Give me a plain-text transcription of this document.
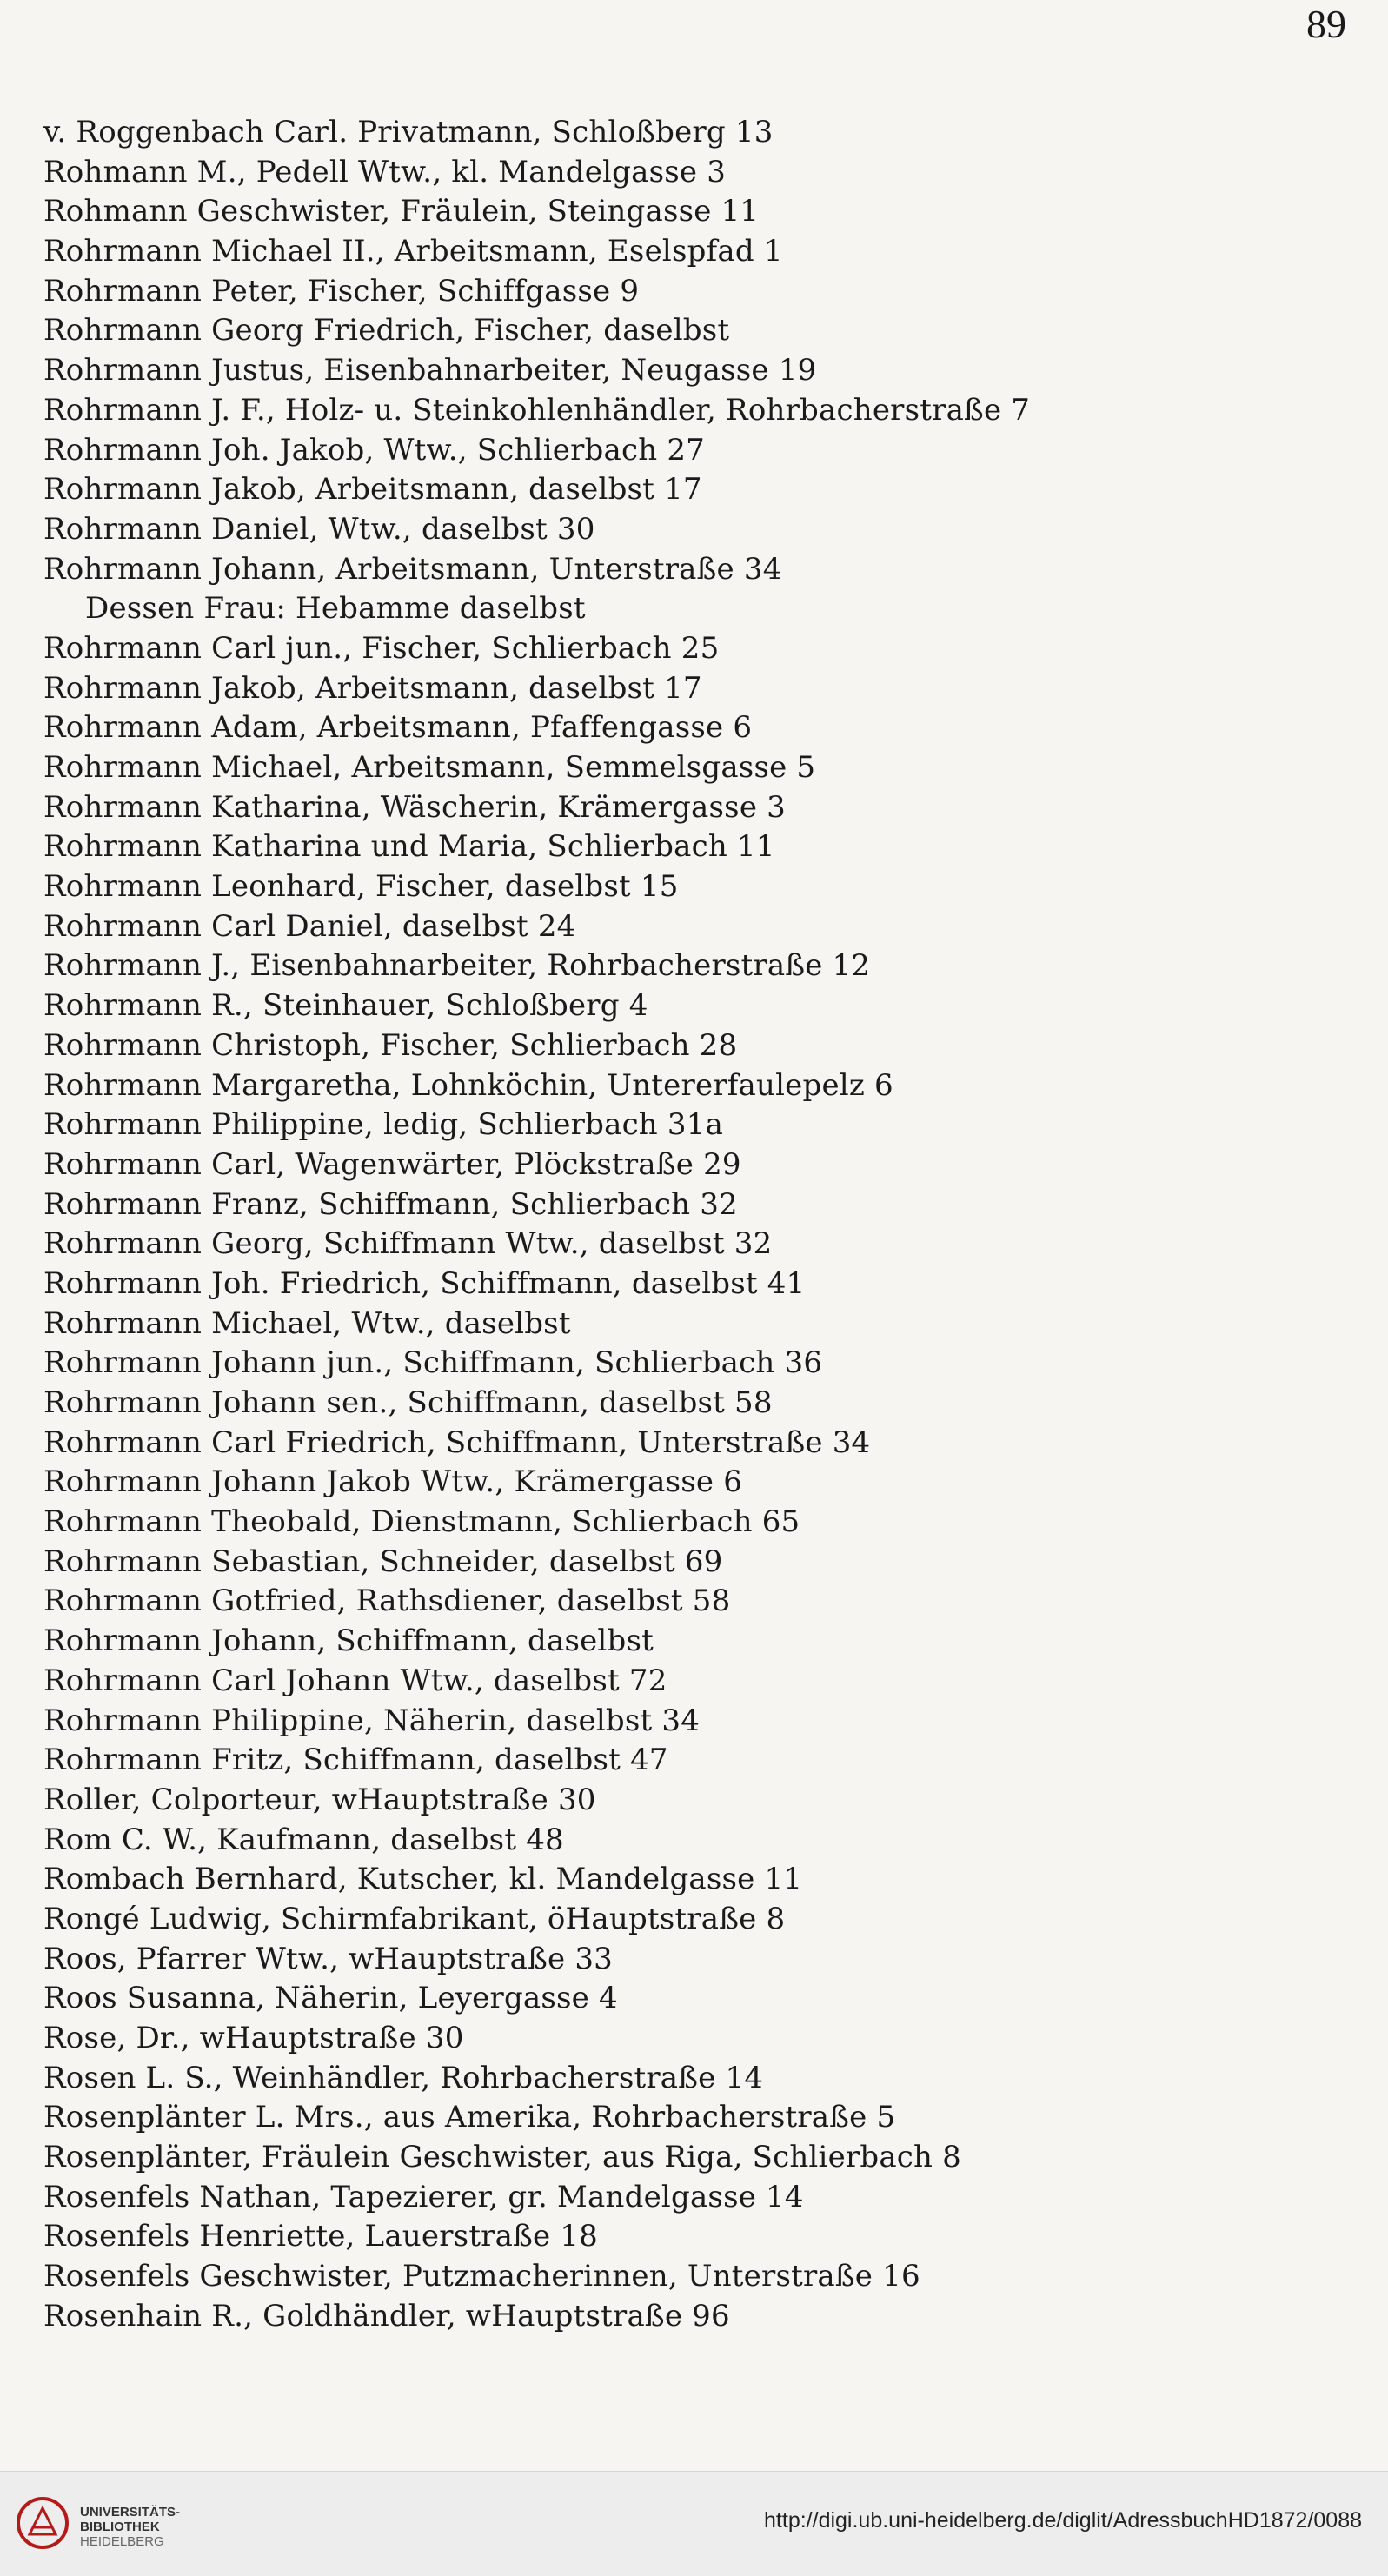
89
v. Roggenbach Carl. Privatmann, Schloßberg 13
Rohmann M., Pedell Wtw., kl. Mandelgasse 3
Rohmann Geschwister, Fräulein, Steingasse 11
Rohrmann Michael II., Arbeitsmann, Eselspfad 1
Rohrmann Peter, Fischer, Schiffgasse 9
Rohrmann Georg Friedrich, Fischer, daselbst
Rohrmann Justus, Eisenbahnarbeiter, Neugasse 19
Rohrmann J. F., Holz- u. Steinkohlenhändler, Rohrbacherstraße 7
Rohrmann Joh. Jakob, Wtw., Schlierbach 27
Rohrmann Jakob, Arbeitsmann, daselbst 17
Rohrmann Daniel, Wtw., daselbst 30
Rohrmann Johann, Arbeitsmann, Unterstraße 34
Dessen Frau: Hebamme daselbst
Rohrmann Carl jun., Fischer, Schlierbach 25
Rohrmann Jakob, Arbeitsmann, daselbst 17
Rohrmann Adam, Arbeitsmann, Pfaffengasse 6
Rohrmann Michael, Arbeitsmann, Semmelsgasse 5
Rohrmann Katharina, Wäscherin, Krämergasse 3
Rohrmann Katharina und Maria, Schlierbach 11
Rohrmann Leonhard, Fischer, daselbst 15
Rohrmann Carl Daniel, daselbst 24
Rohrmann J., Eisenbahnarbeiter, Rohrbacherstraße 12
Rohrmann R., Steinhauer, Schloßberg 4
Rohrmann Christoph, Fischer, Schlierbach 28
Rohrmann Margaretha, Lohnköchin, Untererfaulepelz 6
Rohrmann Philippine, ledig, Schlierbach 31a
Rohrmann Carl, Wagenwärter, Plöckstraße 29
Rohrmann Franz, Schiffmann, Schlierbach 32
Rohrmann Georg, Schiffmann Wtw., daselbst 32
Rohrmann Joh. Friedrich, Schiffmann, daselbst 41
Rohrmann Michael, Wtw., daselbst
Rohrmann Johann jun., Schiffmann, Schlierbach 36
Rohrmann Johann sen., Schiffmann, daselbst 58
Rohrmann Carl Friedrich, Schiffmann, Unterstraße 34
Rohrmann Johann Jakob Wtw., Krämergasse 6
Rohrmann Theobald, Dienstmann, Schlierbach 65
Rohrmann Sebastian, Schneider, daselbst 69
Rohrmann Gotfried, Rathsdiener, daselbst 58
Rohrmann Johann, Schiffmann, daselbst
Rohrmann Carl Johann Wtw., daselbst 72
Rohrmann Philippine, Näherin, daselbst 34
Rohrmann Fritz, Schiffmann, daselbst 47
Roller, Colporteur, wHauptstraße 30
Rom C. W., Kaufmann, daselbst 48
Rombach Bernhard, Kutscher, kl. Mandelgasse 11
Rongé Ludwig, Schirmfabrikant, öHauptstraße 8
Roos, Pfarrer Wtw., wHauptstraße 33
Roos Susanna, Näherin, Leyergasse 4
Rose, Dr., wHauptstraße 30
Rosen L. S., Weinhändler, Rohrbacherstraße 14
Rosenplänter L. Mrs., aus Amerika, Rohrbacherstraße 5
Rosenplänter, Fräulein Geschwister, aus Riga, Schlierbach 8
Rosenfels Nathan, Tapezierer, gr. Mandelgasse 14
Rosenfels Henriette, Lauerstraße 18
Rosenfels Geschwister, Putzmacherinnen, Unterstraße 16
Rosenhain R., Goldhändler, wHauptstraße 96
UNIVERSITÄTS-
BIBLIOTHEK
HEIDELBERG
http://digi.ub.uni-heidelberg.de/diglit/AdressbuchHD1872/0088
